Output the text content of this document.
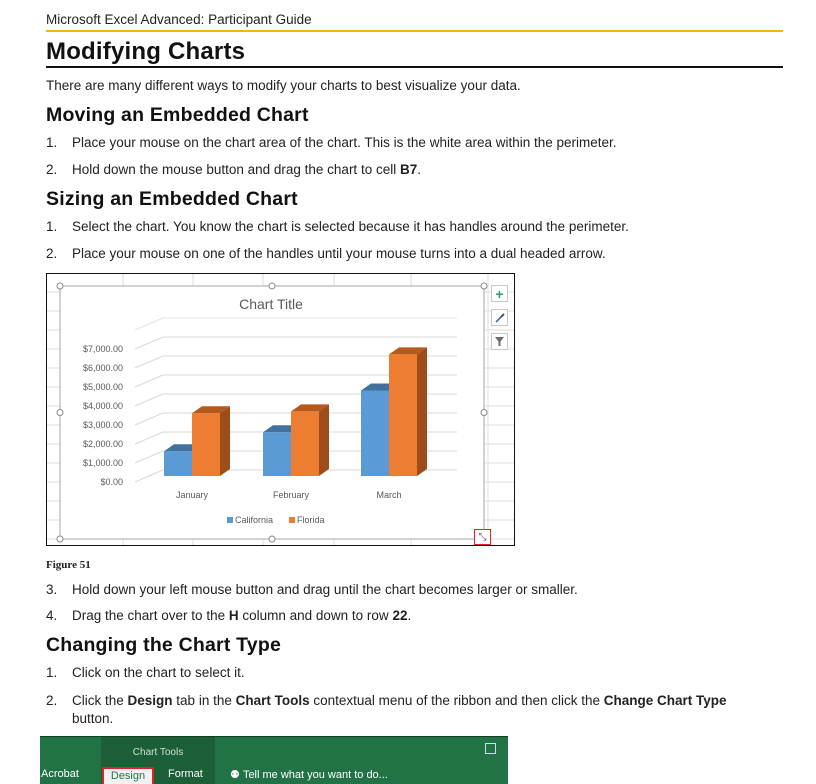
Microsoft Excel Advanced: Participant Guide
Modifying Charts
There are many different ways to modify your charts to best visualize your data.
Moving an Embedded Chart
1. Place your mouse on the chart area of the chart. This is the white area within the perimeter.
2. Hold down the mouse button and drag the chart to cell B7.
Sizing an Embedded Chart
1. Select the chart. You know the chart is selected because it has handles around the perimeter.
2. Place your mouse on one of the handles until your mouse turns into a dual headed arrow.
Chart Title
$0.00
$1,000.00
$2,000.00
$3,000.00
$4,000.00
$5,000.00
$6,000.00
$7,000.00
January	February	March
California	Florida
+
⤡
Figure 51
3. Hold down your left mouse button and drag until the chart becomes larger or smaller.
4. Drag the chart over to the H column and down to row 22.
Changing the Chart Type
1. Click on the chart to select it.
2. Click the Design tab in the Chart Tools contextual menu of the ribbon and then click the Change Chart Type
button.
Chart Tools
Acrobat	Design	Format ⚉ Tell me what you want to do...
